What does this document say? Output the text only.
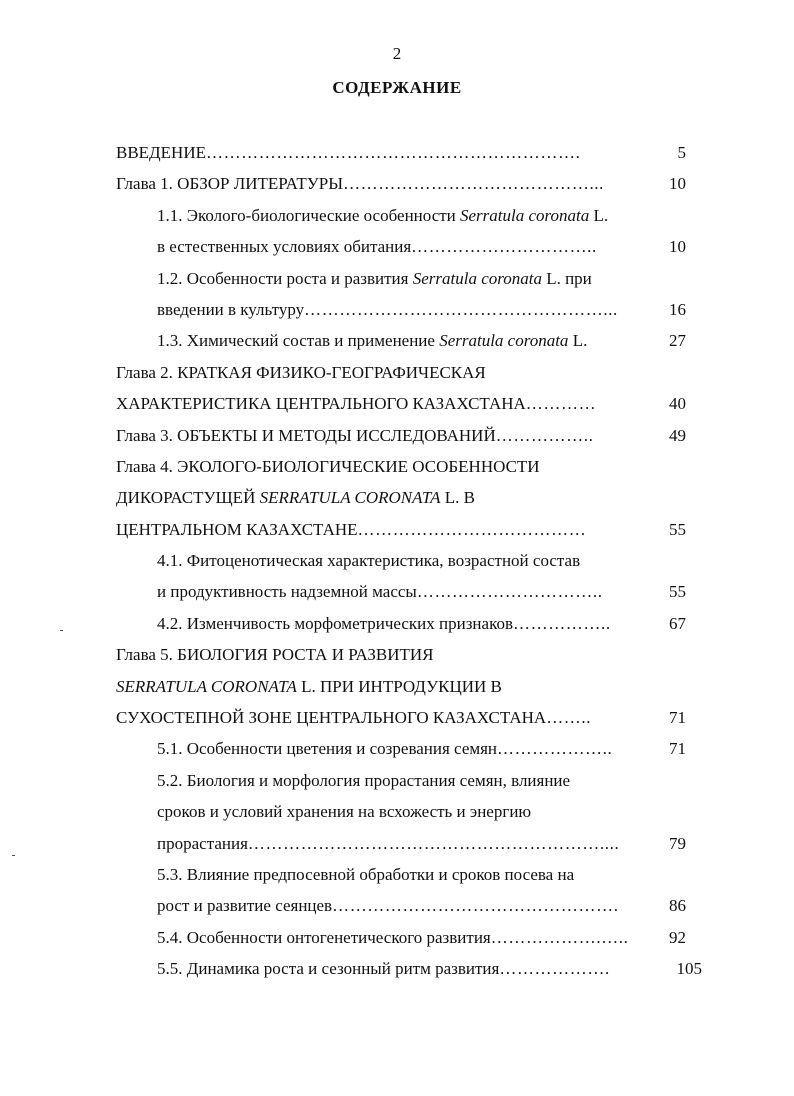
2
СОДЕРЖАНИЕ
ВВЕДЕНИЕ……………………………………………………….	5
Глава 1. ОБЗОР ЛИТЕРАТУРЫ……………………………………...	10
1.1. Эколого-биологические особенности Serratula coronata L.
в естественных условиях обитания…………………………..	10
1.2. Особенности роста и развития Serratula coronata L. при
введении в культуру……………………………………………...	16
1.3. Химический состав и применение Serratula coronata L.	27
Глава 2. КРАТКАЯ ФИЗИКО-ГЕОГРАФИЧЕСКАЯ
ХАРАКТЕРИСТИКА ЦЕНТРАЛЬНОГО КАЗАХСТАНА…………	40
Глава 3. ОБЪЕКТЫ И МЕТОДЫ ИССЛЕДОВАНИЙ……………..	49
Глава 4. ЭКОЛОГО-БИОЛОГИЧЕСКИЕ ОСОБЕННОСТИ
ДИКОРАСТУЩЕЙ SERRATULA CORONATA L. В
ЦЕНТРАЛЬНОМ КАЗАХСТАНЕ…………………………………	55
4.1. Фитоценотическая характеристика, возрастной состав
и продуктивность надземной массы…………………………..	55
4.2. Изменчивость морфометрических признаков……………..	67
Глава 5. БИОЛОГИЯ РОСТА И РАЗВИТИЯ
SERRATULA CORONATA L. ПРИ ИНТРОДУКЦИИ В
СУХОСТЕПНОЙ ЗОНЕ ЦЕНТРАЛЬНОГО КАЗАХСТАНА……..	71
5.1. Особенности цветения и созревания семян………………..	71
5.2. Биология и морфология прорастания семян, влияние
сроков и условий хранения на всхожесть и энергию
прорастания……………………………………………………....	79
5.3. Влияние предпосевной обработки и сроков посева на
рост и развитие сеянцев………………………………………….	86
5.4. Особенности онтогенетического развития……………….….. 92
5.5. Динамика роста и сезонный ритм развития……………….	105
